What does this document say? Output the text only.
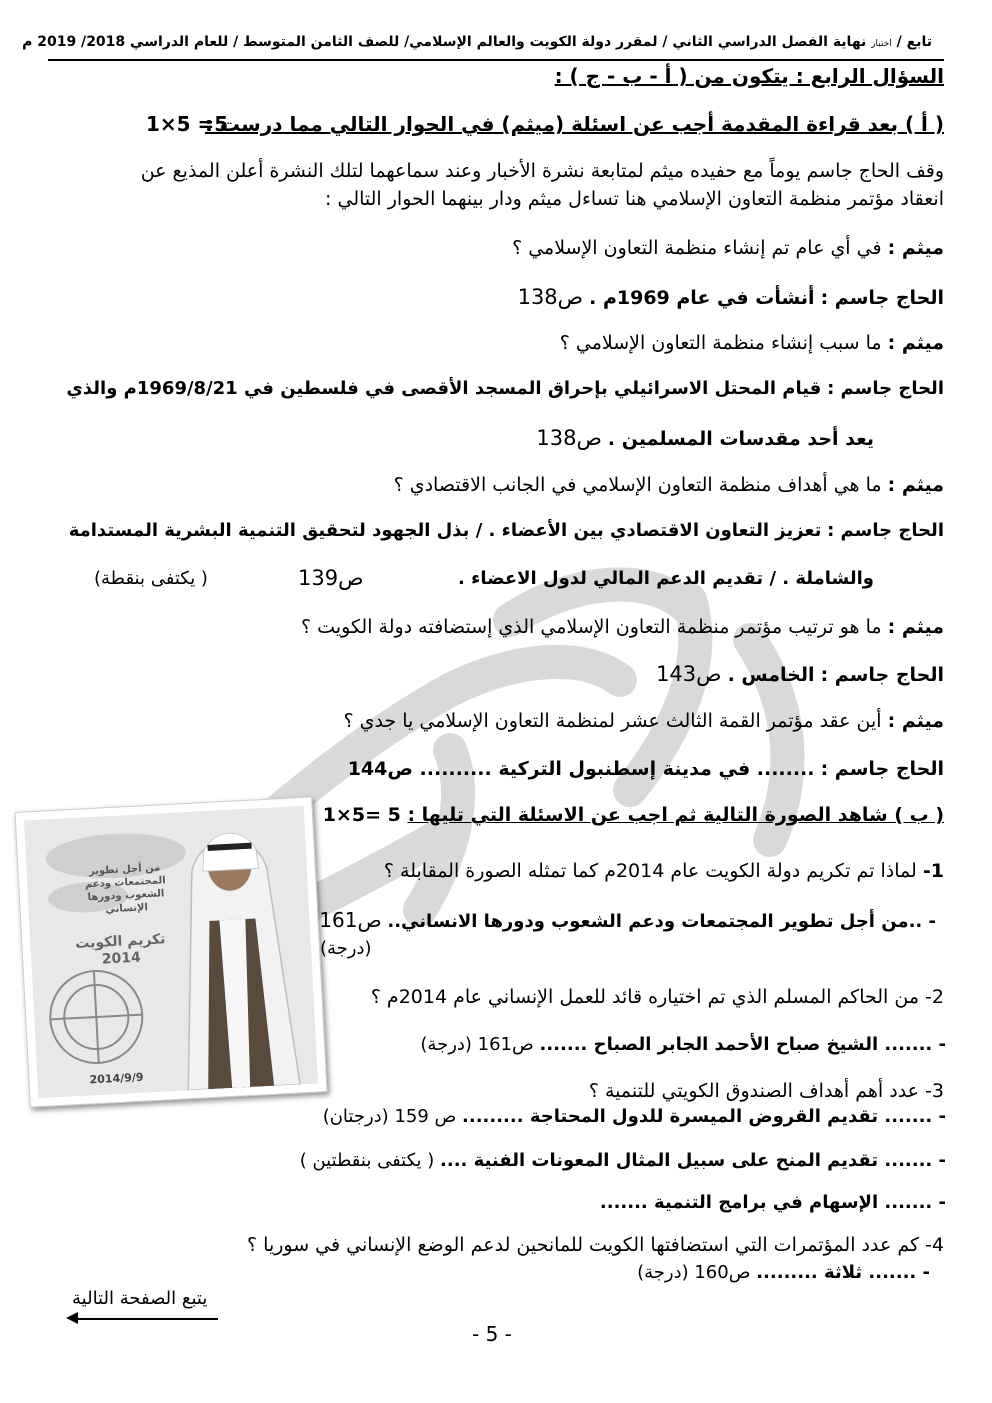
تابع / اختبار نهاية الفصل الدراسي الثاني / لمقرر دولة الكويت والعالم الإسلامي/ للصف الثامن المتوسط / للعام الدراسي 2018/ 2019 م
السؤال الرابع : يتكون من ( أ - ب - ج ) :
( أ ) بعد قراءة المقدمة أجب عن اسئلة (ميثم) في الحوار التالي مما درست :
1×5 =5
وقف الحاج جاسم يوماً مع حفيده ميثم لمتابعة نشرة الأخبار وعند سماعهما لتلك النشرة أعلن المذيع عن
انعقاد مؤتمر منظمة التعاون الإسلامي هنا تساءل ميثم ودار بينهما الحوار التالي :
ميثم : في أي عام تم إنشاء منظمة التعاون الإسلامي ؟
الحاج جاسم : أنشأت في عام 1969م . ص138
ميثم : ما سبب إنشاء منظمة التعاون الإسلامي ؟
الحاج جاسم : قيام المحتل الاسرائيلي بإحراق المسجد الأقصى في فلسطين في 1969/8/21م والذي
يعد أحد مقدسات المسلمين . ص138
ميثم : ما هي أهداف منظمة التعاون الإسلامي في الجانب الاقتصادي ؟
الحاج جاسم : تعزيز التعاون الاقتصادي بين الأعضاء . / بذل الجهود لتحقيق التنمية البشرية المستدامة
والشاملة . / تقديم الدعم المالي لدول الاعضاء .
ص139
( يكتفى بنقطة)
ميثم : ما هو ترتيب مؤتمر منظمة التعاون الإسلامي الذي إستضافته دولة الكويت ؟
الحاج جاسم : الخامس . ص143
ميثم : أين عقد مؤتمر القمة الثالث عشر لمنظمة التعاون الإسلامي يا جدي ؟
الحاج جاسم : ........ في مدينة إسطنبول التركية .......... ص144
( ب ) شاهد الصورة التالية ثم اجب عن الاسئلة التي تليها : 1×5= 5
من أجل تطوير المجتمعات ودعم الشعوب ودورها الإنساني
تكريم الكويت 2014
2014/9/9
1- لماذا تم تكريم دولة الكويت عام 2014م كما تمثله الصورة المقابلة ؟
- ..من أجل تطوير المجتمعات ودعم الشعوب ودورها الانساني.. ص161
(درجة)
2- من الحاكم المسلم الذي تم اختياره قائد للعمل الإنساني عام 2014م ؟
- ....... الشيخ صباح الأحمد الجابر الصباح ....... ص161 (درجة)
3- عدد أهم أهداف الصندوق الكويتي للتنمية ؟
- ....... تقديم القروض الميسرة للدول المحتاجة ......... ص 159 (درجتان)
- ....... تقديم المنح على سبيل المثال المعونات الفنية .... ( يكتفى بنقطتين )
- ....... الإسهام في برامج التنمية .......
4- كم عدد المؤتمرات التي استضافتها الكويت للمانحين لدعم الوضع الإنساني في سوريا ؟
- ....... ثلاثة ......... ص160 (درجة)
يتبع الصفحة التالية
- 5 -
